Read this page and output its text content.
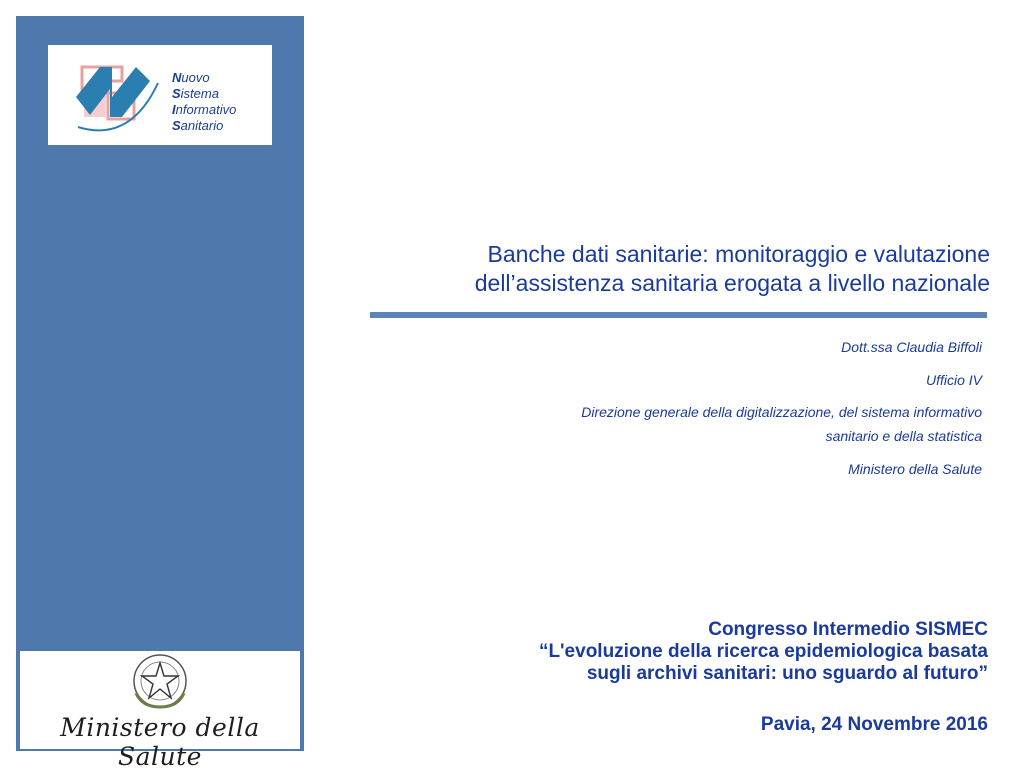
Nuovo
Sistema
Informativo
Sanitario
Ministero della Salute
Banche dati sanitarie: monitoraggio e valutazione
dell’assistenza sanitaria erogata a livello nazionale
Dott.ssa Claudia Biffoli
Ufficio IV
Direzione generale della digitalizzazione, del sistema informativo
sanitario e della statistica
Ministero della Salute
Congresso Intermedio SISMEC
“L'evoluzione della ricerca epidemiologica basata
sugli archivi sanitari: uno sguardo al futuro”
Pavia, 24 Novembre 2016
